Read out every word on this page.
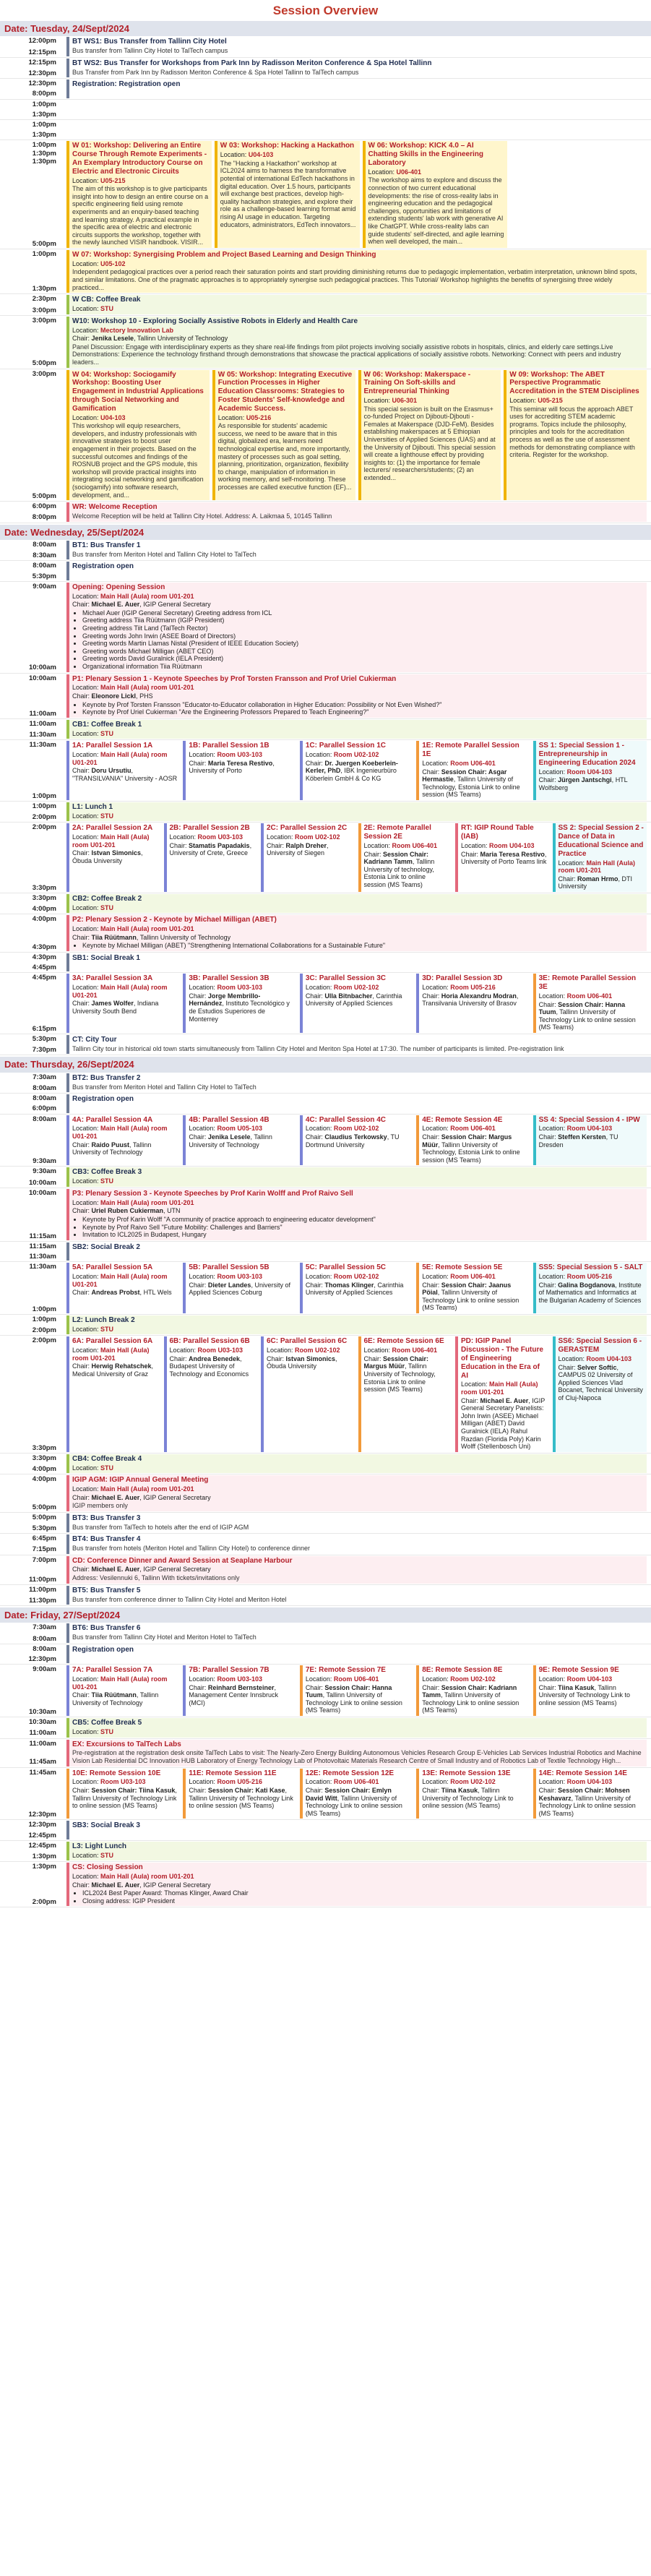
Session Overview
Date: Tuesday, 24/Sept/2024
12:00pm
12:15pm
BT WS1: Bus Transfer from Tallinn City Hotel
Bus transfer from Tallinn City Hotel to TalTech campus
12:15pm
12:30pm
BT WS2: Bus Transfer for Workshops from Park Inn by Radisson Meriton Conference & Spa Hotel Tallinn
Bus Transfer from Park Inn by Radisson Meriton Conference & Spa Hotel Tallinn to TalTech campus
12:30pm
8:00pm
Registration: Registration open
1:00pm
1:30pm
1:00pm
1:30pm
1:00pm
1:30pm
1:30pm
5:00pm
W 01: Workshop: Delivering an Entire Course Through Remote Experiments - An Exemplary Introductory Course on Electric and Electronic Circuits
Location: U05-215
The aim of this workshop is to give participants insight into how to design an entire course on a specific engineering field using remote experiments and an enquiry-based teaching and learning strategy. A practical example in the specific area of electric and electronic circuits supports the workshop, together with the newly launched VISIR handbook. VISIR...
W 03: Workshop: Hacking a Hackathon
Location: U04-103
The "Hacking a Hackathon" workshop at ICL2024 aims to harness the transformative potential of international EdTech hackathons in digital education. Over 1.5 hours, participants will exchange best practices, develop high-quality hackathon strategies, and explore their role as a challenge-based learning format amid rising AI usage in education. Targeting educators, administrators, EdTech innovators...
W 06: Workshop: KICK 4.0 – AI Chatting Skills in the Engineering Laboratory
Location: U06-401
The workshop aims to explore and discuss the connection of two current educational developments: the rise of cross-reality labs in engineering education and the pedagogical challenges, opportunities and limitations of extending students' lab work with generative AI like ChatGPT. While cross-reality labs can guide students' self-directed, and agile learning when well developed, the main...
1:00pm
1:30pm
W 07: Workshop: Synergising Problem and Project Based Learning and Design Thinking
Location: U05-102
Independent pedagogical practices over a period reach their saturation points and start providing diminishing returns due to pedagogic implementation, verbatim interpretation, unknown blind spots, and similar limitations. One of the pragmatic approaches is to appropriately synergise such pedagogical practices. This Tutorial/ Workshop highlights the benefits of synergising three widely practiced...
2:30pm
3:00pm
W CB: Coffee Break
Location: STU
3:00pm
5:00pm
W10: Workshop 10 - Exploring Socially Assistive Robots in Elderly and Health Care
Location: Mectory Innovation Lab
Chair: Jenika Lesele, Tallinn University of Technology
Panel Discussion: Engage with interdisciplinary experts as they share real-life findings from pilot projects involving socially assistive robots in hospitals, clinics, and elderly care settings.Live Demonstrations: Experience the technology firsthand through demonstrations that showcase the practical applications of socially assistive robots. Networking: Connect with peers and industry leaders...
3:00pm
5:00pm
W 04: Workshop: Sociogamify Workshop: Boosting User Engagement in Industrial Applications through Social Networking and Gamification
Location: U04-103
This workshop will equip researchers, developers, and industry professionals with innovative strategies to boost user engagement in their projects. Based on the successful outcomes and findings of the ROSNUB project and the GPS module, this workshop will provide practical insights into integrating social networking and gamification (sociogamify) into software research, development, and...
W 05: Workshop: Integrating Executive Function Processes in Higher Education Classrooms: Strategies to Foster Students' Self-knowledge and Academic Success.
Location: U05-216
As responsible for students' academic success, we need to be aware that in this digital, globalized era, learners need technological expertise and, more importantly, mastery of processes such as goal setting, planning, prioritization, organization, flexibility to change, manipulation of information in working memory, and self-monitoring. These processes are called executive function (EF)...
W 06: Workshop: Makerspace - Training On Soft-skills and Entrepreneurial Thinking
Location: U06-301
This special session is built on the Erasmus+ co-funded Project on Djibouti-Djbouti - Females at Makerspace (DJD-FeM). Besides establishing makerspaces at 5 Ethiopian Universities of Applied Sciences (UAS) and at the University of Djibouti. This special session will create a lighthouse effect by providing insights to: (1) the importance for female lecturers/ researchers/students; (2) an extended...
W 09: Workshop: The ABET Perspective Programmatic Accreditation in the STEM Disciplines
Location: U05-215
This seminar will focus the approach ABET uses for accrediting STEM academic programs. Topics include the philosophy, principles and tools for the accreditation process as well as the use of assessment methods for demonstrating compliance with criteria. Register for the workshop.
6:00pm
8:00pm
WR: Welcome Reception
Welcome Reception will be held at Tallinn City Hotel. Address: A. Laikmaa 5, 10145 Tallinn
Date: Wednesday, 25/Sept/2024
8:00am
8:30am
BT1: Bus Transfer 1
Bus transfer from Meriton Hotel and Tallinn City Hotel to TalTech
8:00am
5:30pm
Registration open
9:00am
10:00am
Opening: Opening Session
Location: Main Hall (Aula) room U01-201
Chair: Michael E. Auer, IGIP General Secretary
• Michael Auer (IGIP General Secretary) Greeting address from ICL
• Greeting address Tiia Rüütmann (IGIP President)
• Greeting address Tiit Land (TalTech Rector)
• Greeting words John Irwin (ASEE Board of Directors)
• Greeting words Martin Llamas Nistal (President of IEEE Education Society)
• Greeting words Michael Milligan (ABET CEO)
• Greeting words David Guralnick (IELA President)
• Organizational information Tiia Rüütmann
10:00am
11:00am
P1: Plenary Session 1 - Keynote Speeches by Prof Torsten Fransson and Prof Uriel Cukierman
Location: Main Hall (Aula) room U01-201
Chair: Eleonore Lickl, PHS
• Keynote by Prof Torsten Fransson "Educator-to-Educator collaboration in Higher Education: Possibility or Not Even Wished?"
• Keynote by Prof Uriel Cukierman "Are the Engineering Professors Prepared to Teach Engineering?"
11:00am
11:30am
CB1: Coffee Break 1
Location: STU
11:30am
1:00pm
1A: Parallel Session 1A
Location: Main Hall (Aula) room U01-201
Chair: Doru Ursutiu, "TRANSILVANIA" University - AOSR
1B: Parallel Session 1B
Location: Room U03-103
Chair: Maria Teresa Restivo, University of Porto
1C: Parallel Session 1C
Location: Room U02-102
Chair: Dr. Juergen Koeberlein-Kerler, PhD, IBK Ingenieurbüro Köberlein GmbH & Co KG
1E: Remote Parallel Session 1E
Location: Room U06-401
Chair: Session Chair: Asgar Hermastie, Tallinn University of Technology, Estonia Link to online session (MS Teams)
SS 1: Special Session 1 - Entrepreneurship in Engineering Education 2024
Location: Room U04-103
Chair: Jürgen Jantschgi, HTL Wolfsberg
1:00pm
2:00pm
L1: Lunch 1
Location: STU
2:00pm
3:30pm
2A: Parallel Session 2A
Location: Main Hall (Aula) room U01-201
Chair: Istvan Simonics, Óbuda University
2B: Parallel Session 2B
Location: Room U03-103
Chair: Stamatis Papadakis, University of Crete, Greece
2C: Parallel Session 2C
Location: Room U02-102
Chair: Ralph Dreher, University of Siegen
2E: Remote Parallel Session 2E
Location: Room U06-401
Chair: Session Chair: Kadriann Tamm, Tallinn University of technology, Estonia Link to online session (MS Teams)
RT: IGIP Round Table (IAB)
Location: Room U04-103
Chair: Maria Teresa Restivo, University of Porto Teams link
SS 2: Special Session 2 - Dance of Data in Educational Science and Practice
Location: Main Hall (Aula) room U01-201
Chair: Roman Hrmo, DTI University
3:30pm
4:00pm
CB2: Coffee Break 2
Location: STU
4:00pm
4:30pm
P2: Plenary Session 2 - Keynote by Michael Milligan (ABET)
Location: Main Hall (Aula) room U01-201
Chair: Tiia Rüütmann, Tallinn University of Technology
• Keynote by Michael Milligan (ABET) "Strengthening International Collaborations for a Sustainable Future"
4:30pm
4:45pm
SB1: Social Break 1
4:45pm
6:15pm
3A: Parallel Session 3A
Location: Main Hall (Aula) room U01-201
Chair: James Wolfer, Indiana University South Bend
3B: Parallel Session 3B
Location: Room U03-103
Chair: Jorge Membrillo-Hernández, Instituto Tecnológico y de Estudios Superiores de Monterrey
3C: Parallel Session 3C
Location: Room U02-102
Chair: Ulla Bitnbacher, Carinthia University of Applied Sciences
3D: Parallel Session 3D
Location: Room U05-216
Chair: Horia Alexandru Modran, Transilvania University of Brasov
3E: Remote Parallel Session 3E
Location: Room U06-401
Chair: Session Chair: Hanna Tuum, Tallinn University of Technology Link to online session (MS Teams)
5:30pm
7:30pm
CT: City Tour
Tallinn City tour in historical old town starts simultaneously from Tallinn City Hotel and Meriton Spa Hotel at 17:30. The number of participants is limited. Pre-registration link
Date: Thursday, 26/Sept/2024
7:30am
8:00am
BT2: Bus Transfer 2
Bus transfer from Meriton Hotel and Tallinn City Hotel to TalTech
8:00am
6:00pm
Registration open
8:00am
9:30am
4A: Parallel Session 4A
Location: Main Hall (Aula) room U01-201
Chair: Raido Puust, Tallinn University of Technology
4B: Parallel Session 4B
Location: Room U05-103
Chair: Jenika Lesele, Tallinn University of Technology
4C: Parallel Session 4C
Location: Room U02-102
Chair: Claudius Terkowsky, TU Dortmund University
4E: Remote Session 4E
Location: Room U06-401
Chair: Session Chair: Margus Müür, Tallinn University of Technology, Estonia Link to online session (MS Teams)
SS 4: Special Session 4 - IPW
Location: Room U04-103
Chair: Steffen Kersten, TU Dresden
9:30am
10:00am
CB3: Coffee Break 3
Location: STU
10:00am
11:15am
P3: Plenary Session 3 - Keynote Speeches by Prof Karin Wolff and Prof Raivo Sell
Location: Main Hall (Aula) room U01-201
Chair: Uriel Ruben Cukierman, UTN
• Keynote by Prof Karin Wolff "A community of practice approach to engineering educator development"
• Keynote by Prof Raivo Sell "Future Mobility: Challenges and Barriers"
• Invitation to ICL2025 in Budapest, Hungary
11:15am
11:30am
SB2: Social Break 2
11:30am
1:00pm
5A: Parallel Session 5A
Location: Main Hall (Aula) room U01-201
Chair: Andreas Probst, HTL Wels
5B: Parallel Session 5B
Location: Room U03-103
Chair: Dieter Landes, University of Applied Sciences Coburg
5C: Parallel Session 5C
Location: Room U02-102
Chair: Thomas Klinger, Carinthia University of Applied Sciences
5E: Remote Session 5E
Location: Room U06-401
Chair: Session Chair: Jaanus Pöial, Tallinn University of Technology Link to online session (MS Teams)
SS5: Special Session 5 - SALT
Location: Room U05-216
Chair: Galina Bogdanova, Institute of Mathematics and Informatics at the Bulgarian Academy of Sciences
1:00pm
2:00pm
L2: Lunch Break 2
Location: STU
2:00pm
3:30pm
6A: Parallel Session 6A
Location: Main Hall (Aula) room U01-201
Chair: Herwig Rehatschek, Medical University of Graz
6B: Parallel Session 6B
Location: Room U03-103
Chair: Andrea Benedek, Budapest University of Technology and Economics
6C: Parallel Session 6C
Location: Room U02-102
Chair: Istvan Simonics, Óbuda University
6E: Remote Session 6E
Location: Room U06-401
Chair: Session Chair: Margus Müür, Tallinn University of Technology, Estonia Link to online session (MS Teams)
PD: IGIP Panel Discussion - The Future of Engineering Education in the Era of AI
Location: Main Hall (Aula) room U01-201
Chair: Michael E. Auer, IGIP General Secretary Panelists: John Irwin (ASEE) Michael Milligan (ABET) David Guralnick (IELA) Rahul Razdan (Florida Poly) Karin Wolff (Stellenbosch Uni)
SS6: Special Session 6 - GERASTEM
Location: Room U04-103
Chair: Selver Softic, CAMPUS 02 University of Applied Sciences Vlad Bocanet, Technical University of Cluj-Napoca
3:30pm
4:00pm
CB4: Coffee Break 4
Location: STU
4:00pm
5:00pm
IGIP AGM: IGIP Annual General Meeting
Location: Main Hall (Aula) room U01-201
Chair: Michael E. Auer, IGIP General Secretary
IGIP members only
5:00pm
5:30pm
BT3: Bus Transfer 3
Bus transfer from TalTech to hotels after the end of IGIP AGM
6:45pm
7:15pm
BT4: Bus Transfer 4
Bus transfer from hotels (Meriton Hotel and Tallinn City Hotel) to conference dinner
7:00pm
11:00pm
CD: Conference Dinner and Award Session at Seaplane Harbour
Chair: Michael E. Auer, IGIP General Secretary
Address: Vesilennuki 6, Tallinn With tickets/invitations only
11:00pm
11:30pm
BT5: Bus Transfer 5
Bus transfer from conference dinner to Tallinn City Hotel and Meriton Hotel
Date: Friday, 27/Sept/2024
7:30am
8:00am
BT6: Bus Transfer 6
Bus transfer from Tallinn City Hotel and Meriton Hotel to TalTech
8:00am
12:30pm
Registration open
9:00am
10:30am
7A: Parallel Session 7A
Location: Main Hall (Aula) room U01-201
Chair: Tiia Rüütmann, Tallinn University of Technology
7B: Parallel Session 7B
Location: Room U03-103
Chair: Reinhard Bernsteiner, Management Center Innsbruck (MCI)
7E: Remote Session 7E
Location: Room U06-401
Chair: Session Chair: Hanna Tuum, Tallinn University of Technology Link to online session (MS Teams)
8E: Remote Session 8E
Location: Room U02-102
Chair: Session Chair: Kadriann Tamm, Tallinn University of Technology Link to online session (MS Teams)
9E: Remote Session 9E
Location: Room U04-103
Chair: Tiina Kasuk, Tallinn University of Technology Link to online session (MS Teams)
10:30am
11:00am
CB5: Coffee Break 5
Location: STU
11:00am
11:45am
EX: Excursions to TalTech Labs
Pre-registration at the registration desk onsite TalTech Labs to visit: The Nearly-Zero Energy Building Autonomous Vehicles Research Group E-Vehicles Lab Services Industrial Robotics and Machine Vision Lab Residential DC Innovation HUB Laboratory of Energy Technology Lab of Photovoltaic Materials Research Centre of Small Industry and of Robotics Lab of Textile Technology High...
11:45am
12:30pm
10E: Remote Session 10E
Location: Room U03-103
Chair: Session Chair: Tiina Kasuk, Tallinn University of Technology Link to online session (MS Teams)
11E: Remote Session 11E
Location: Room U05-216
Chair: Session Chair: Kati Kase, Tallinn University of Technology Link to online session (MS Teams)
12E: Remote Session 12E
Location: Room U06-401
Chair: Session Chair: Emlyn David Witt, Tallinn University of Technology Link to online session (MS Teams)
13E: Remote Session 13E
Location: Room U02-102
Chair: Tiina Kasuk, Tallinn University of Technology Link to online session (MS Teams)
14E: Remote Session 14E
Location: Room U04-103
Chair: Session Chair: Mohsen Keshavarz, Tallinn University of Technology Link to online session (MS Teams)
12:30pm
12:45pm
SB3: Social Break 3
12:45pm
1:30pm
L3: Light Lunch
Location: STU
1:30pm
2:00pm
CS: Closing Session
Location: Main Hall (Aula) room U01-201
Chair: Michael E. Auer, IGIP General Secretary
• ICL2024 Best Paper Award: Thomas Klinger, Award Chair
• Closing address: IGIP President
